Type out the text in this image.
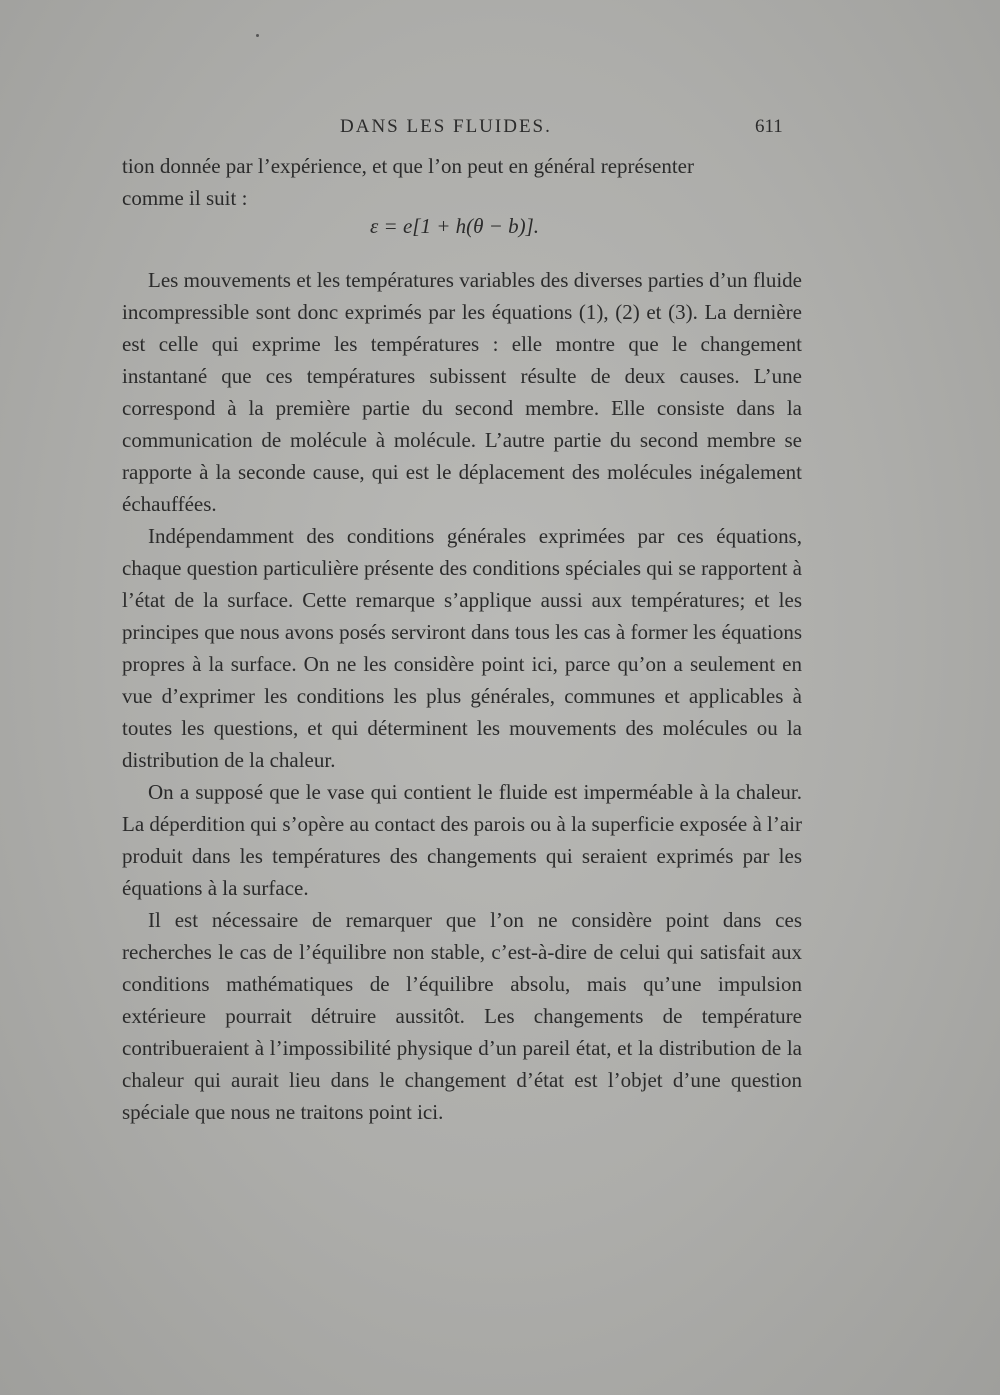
DANS LES FLUIDES.	611
tion donnée par l’expérience, et que l’on peut en général représenter
comme il suit :
ε = e[1 + h(θ − b)].

Les mouvements et les températures variables des diverses parties d’un fluide incompressible sont donc exprimés par les équations (1), (2) et (3). La dernière est celle qui exprime les températures : elle montre que le changement instantané que ces températures subissent résulte de deux causes. L’une correspond à la première partie du second membre. Elle consiste dans la communication de molécule à molécule. L’autre partie du second membre se rapporte à la seconde cause, qui est le déplacement des molécules inégalement échauffées.

Indépendamment des conditions générales exprimées par ces équations, chaque question particulière présente des conditions spéciales qui se rapportent à l’état de la surface. Cette remarque s’applique aussi aux températures; et les principes que nous avons posés serviront dans tous les cas à former les équations propres à la surface. On ne les considère point ici, parce qu’on a seulement en vue d’exprimer les conditions les plus générales, communes et applicables à toutes les questions, et qui déterminent les mouvements des molécules ou la distribution de la chaleur.

On a supposé que le vase qui contient le fluide est imperméable à la chaleur. La déperdition qui s’opère au contact des parois ou à la superficie exposée à l’air produit dans les températures des changements qui seraient exprimés par les équations à la surface.

Il est nécessaire de remarquer que l’on ne considère point dans ces recherches le cas de l’équilibre non stable, c’est-à-dire de celui qui satisfait aux conditions mathématiques de l’équilibre absolu, mais qu’une impulsion extérieure pourrait détruire aussitôt. Les changements de température contribueraient à l’impossibilité physique d’un pareil état, et la distribution de la chaleur qui aurait lieu dans le changement d’état est l’objet d’une question spéciale que nous ne traitons point ici.
